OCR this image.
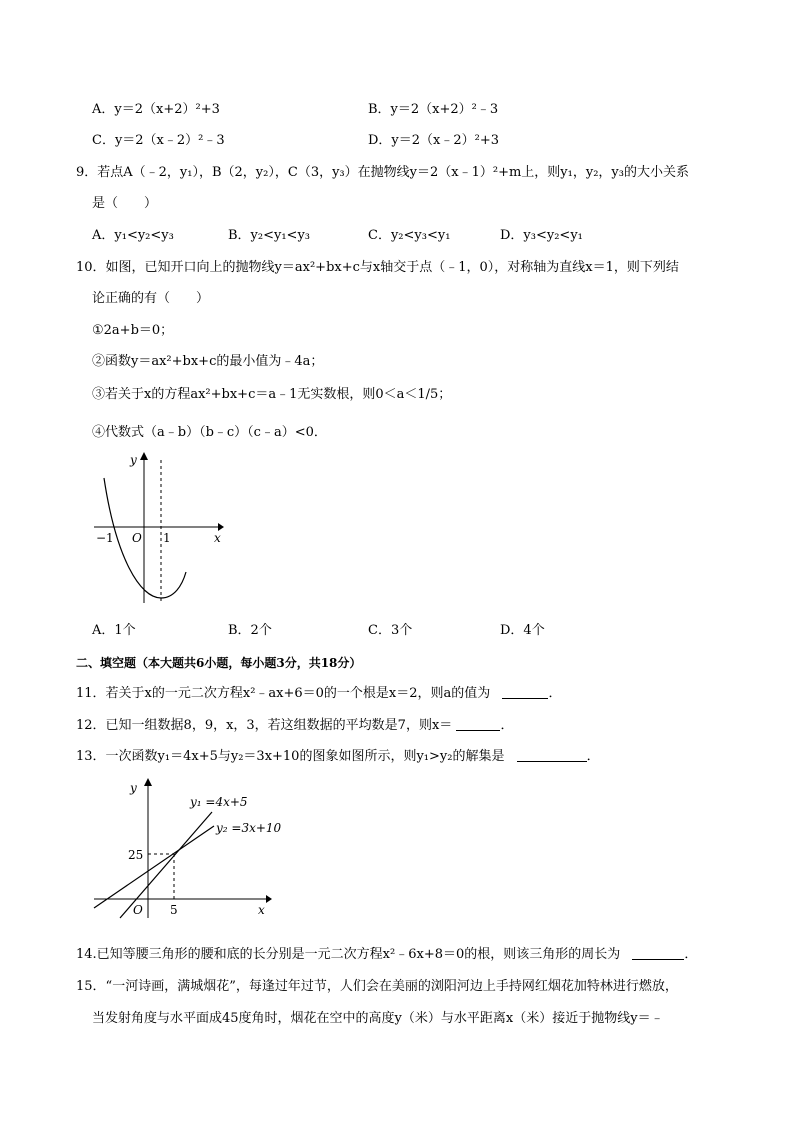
A．y＝2（x+2）²+3	B．y＝2（x+2）²﹣3
C．y＝2（x﹣2）²﹣3	D．y＝2（x﹣2）²+3
9．若点A（﹣2，y₁），B（2，y₂），C（3，y₃）在抛物线y＝2（x﹣1）²+m上，则y₁，y₂，y₃的大小关系
是（　　）
A．y₁<y₂<y₃	B．y₂<y₁<y₃	C．y₂<y₃<y₁	D．y₃<y₂<y₁
10．如图，已知开口向上的抛物线y＝ax²+bx+c与x轴交于点（﹣1，0），对称轴为直线x＝1，则下列结
论正确的有（　　）
①2a+b＝0；
②函数y＝ax²+bx+c的最小值为﹣4a；
③若关于x的方程ax²+bx+c＝a﹣1无实数根，则0＜a＜1/5；
④代数式（a﹣b）（b﹣c）（c﹣a）<0．
y
x
O
−1	1
A．1个	B．2个	C．3个	D．4个
二、填空题（本大题共6小题，每小题3分，共18分）
11．若关于x的一元二次方程x²﹣ax+6＝0的一个根是x＝2，则a的值为	．
12．已知一组数据8，9，x，3，若这组数据的平均数是7，则x＝	．
13．一次函数y₁＝4x+5与y₂＝3x+10的图象如图所示，则y₁>y₂的解集是	．
y
x
O
25
5
y₁ =4x+5
y₂ =3x+10
14.已知等腰三角形的腰和底的长分别是一元二次方程x²﹣6x+8＝0的根，则该三角形的周长为	．
15．“一河诗画，满城烟花”，每逢过年过节，人们会在美丽的浏阳河边上手持网红烟花加特林进行燃放，
当发射角度与水平面成45度角时，烟花在空中的高度y（米）与水平距离x（米）接近于抛物线y＝﹣
